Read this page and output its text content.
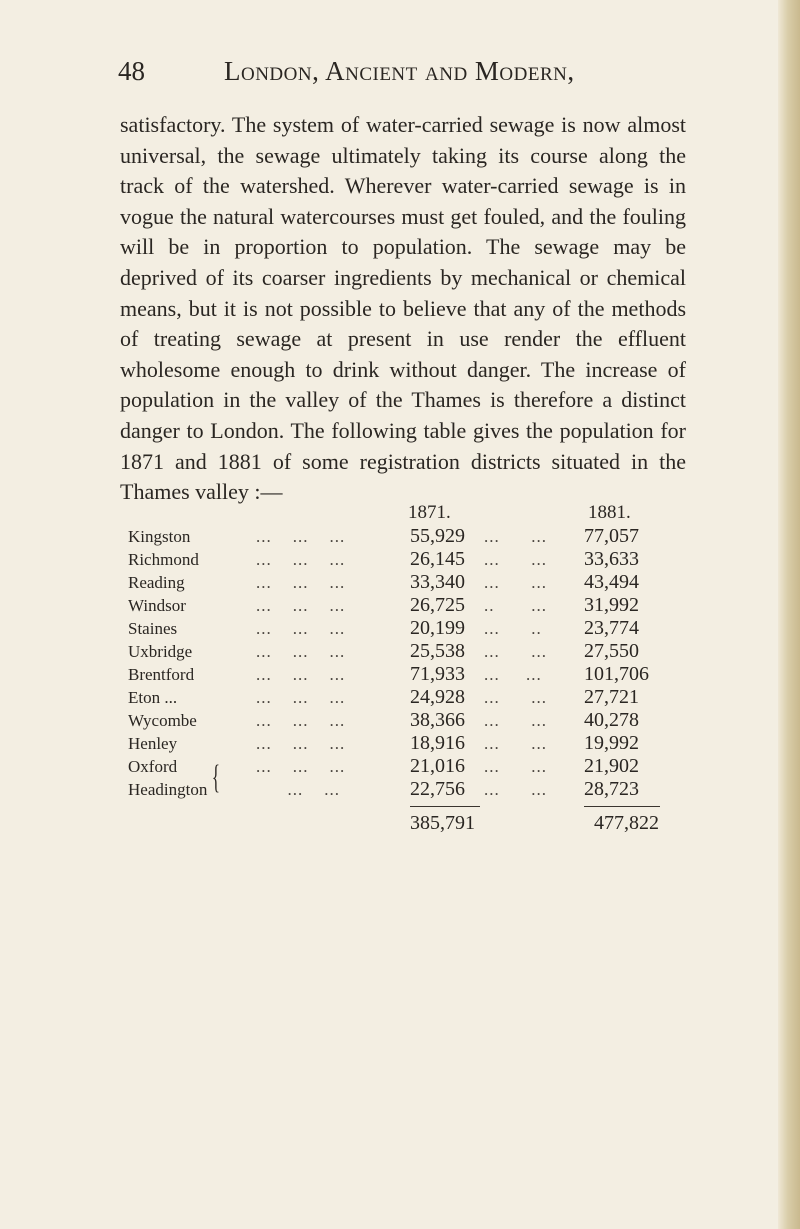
48	London, Ancient and Modern,

satisfactory. The system of water-carried sewage is now almost universal, the sewage ultimately taking its course along the track of the watershed. Wherever water-carried sewage is in vogue the natural watercourses must get fouled, and the fouling will be in proportion to population. The sewage may be deprived of its coarser ingredients by mechanical or chemical means, but it is not possible to believe that any of the methods of treating sewage at present in use render the effluent wholesome enough to drink without danger. The increase of population in the valley of the Thames is therefore a distinct danger to London. The following table gives the population for 1871 and 1881 of some registration districts situated in the Thames valley :—

1871.	1881.
Kingston	...    ...    ...	55,929 ...      ... 77,057
Richmond	...    ...    ...	26,145 ...      ... 33,633
Reading	...    ...    ...	33,340 ...      ... 43,494
Windsor	...    ...    ...	26,725 ..       ... 31,992
Staines	...    ...    ...	20,199 ...      .. 23,774
Uxbridge	...    ...    ...	25,538 ...      ... 27,550
Brentford	...    ...    ...	71,933 ...     ... 101,706
Eton ...	...    ...    ...	24,928 ...      ... 27,721
Wycombe	...    ...    ...	38,366 ...      ... 40,278
Henley	...    ...    ...	18,916 ...      ... 19,992
Oxford	...    ...    ...	21,016 ...      ... 21,902
Headington	...    ...	22,756 ...      ... 28,723
}
385,791	477,822
